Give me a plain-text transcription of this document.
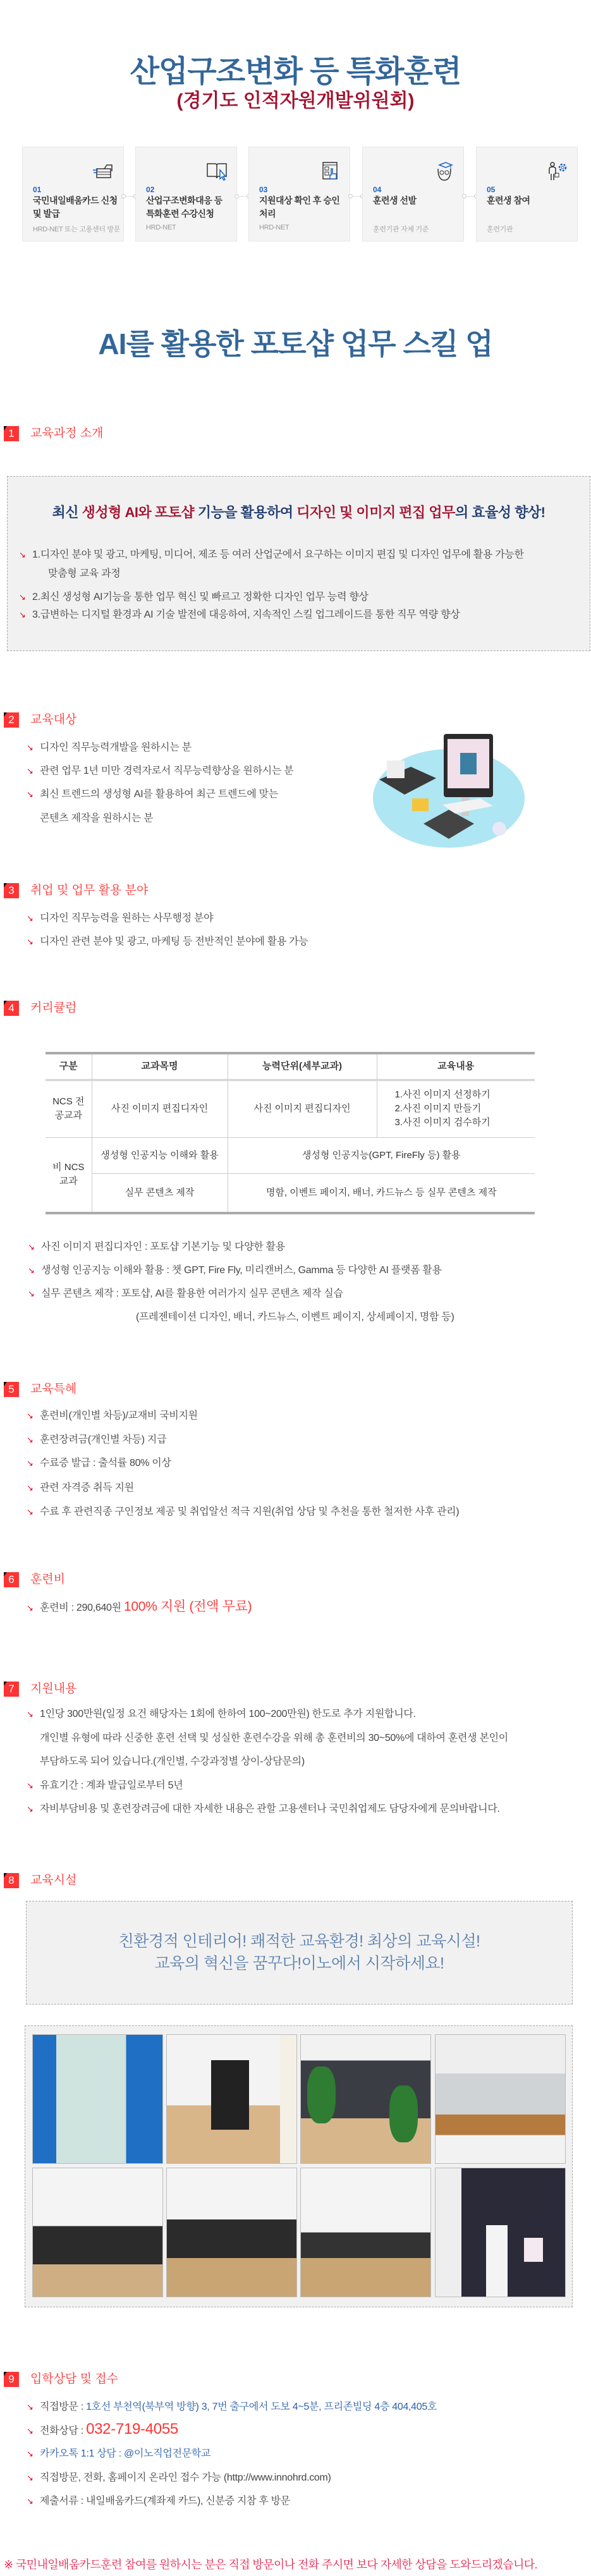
산업구조변화 등 특화훈련
(경기도 인적자원개발위원회)
01
국민내일배움카드 신청 및 발급
HRD-NET 또는 고용센터 방문
02
산업구조변화대응 등 특화훈련 수강신청
HRD-NET
03
지원대상 확인 후 승인 처리
HRD-NET
04
훈련생 선발
훈련기관 자체 기준
05
훈련생 참여
훈련기관
AI를 활용한 포토샵 업무 스킬 업
1	교육과정 소개
최신 생성형 AI와 포토샵 기능을 활용하여 디자인 및 이미지 편집 업무의 효율성 향상!
↘ 1.디자인 분야 및 광고, 마케팅, 미디어, 제조 등 여러 산업군에서 요구하는 이미지 편집 및 디자인 업무에 활용 가능한
맞춤형 교육 과정
↘ 2.최신 생성형 AI기능을 통한 업무 혁신 및 빠르고 정확한 디자인 업무 능력 향상
↘ 3.급변하는 디지털 환경과 AI 기술 발전에 대응하여, 지속적인 스킬 업그레이드를 통한 직무 역량 향상
2	교육대상
↘ 디자인 직무능력개발을 원하시는 분
↘ 관련 업무 1년 미만 경력자로서 직무능력향상을 원하시는 분
↘ 최신 트렌드의 생성형 AI를 활용하여 최근 트렌드에 맞는
콘텐츠 제작을 원하시는 분
3	취업 및 업무 활용 분야
↘ 디자인 직무능력을 원하는 사무행정 분야
↘ 디자인 관련 분야 및 광고, 마케팅 등 전반적인 분야에 활용 가능
4	커리큘럼
구분	교과목명	능력단위(세부교과)	교육내용
NCS 전공교과	사진 이미지 편집디자인	사진 이미지 편집디자인	1.사진 이미지 선정하기
2.사진 이미지 만들기
3.사진 이미지 검수하기

비 NCS 교과	생성형 인공지능 이해와 활용	생성형 인공지능(GPT, FireFly 등) 활용	
	실무 콘텐츠 제작	명함, 이벤트 페이지, 배너, 카드뉴스 등 실무 콘텐츠 제작	
↘ 사진 이미지 편집디자인 : 포토샵 기본기능 및 다양한 활용
↘ 생성형 인공지능 이해와 활용 : 챗 GPT, Fire Fly, 미리캔버스, Gamma 등 다양한 AI 플랫폼 활용
↘ 실무 콘텐츠 제작 : 포토샵, AI를 활용한 여러가지 실무 콘텐츠 제작 실습
(프레젠테이션 디자인, 배너, 카드뉴스, 이벤트 페이지, 상세페이지, 명함 등)
5	교육특혜
↘ 훈련비(개인별 차등)/교재비 국비지원
↘ 훈련장려금(개인별 차등) 지급
↘ 수료증 발급 : 출석률 80% 이상
↘ 관련 자격증 취득 지원
↘ 수료 후 관련직종 구인정보 제공 및 취업알선 적극 지원(취업 상담 및 추천을 통한 철저한 사후 관리)
6	훈련비
↘ 훈련비 : 290,640원 100% 지원 (전액 무료)
7	지원내용
↘ 1인당 300만원(일정 요건 해당자는 1회에 한하여 100~200만원) 한도로 추가 지원합니다.
개인별 유형에 따라 신중한 훈련 선택 및 성실한 훈련수강을 위해 총 훈련비의 30~50%에 대하여 훈련생 본인이
부담하도록 되어 있습니다.(개인별, 수강과정별 상이-상담문의)
↘ 유효기간 : 계좌 발급일로부터 5년
↘ 자비부담비용 및 훈련장려금에 대한 자세한 내용은 관할 고용센터나 국민취업제도 담당자에게 문의바랍니다.
8	교육시설
친환경적 인테리어! 쾌적한 교육환경! 최상의 교육시설!
교육의 혁신을 꿈꾸다!이노에서 시작하세요!
9	입학상담 및 접수
↘ 직접방문 : 1호선 부천역(북부역 방향) 3, 7번 출구에서 도보 4~5분, 프리존빌딩 4층 404,405호
↘ 전화상담 : 032-719-4055
↘ 카카오톡 1:1 상담 : @이노직업전문학교
↘ 직접방문, 전화, 홈페이지 온라인 접수 가능 (http://www.innohrd.com)
↘ 제출서류 : 내일배움카드(계좌제 카드), 신분증 지참 후 방문
※ 국민내일배움카드훈련 참여를 원하시는 분은 직접 방문이나 전화 주시면 보다 자세한 상담을 도와드리겠습니다.
